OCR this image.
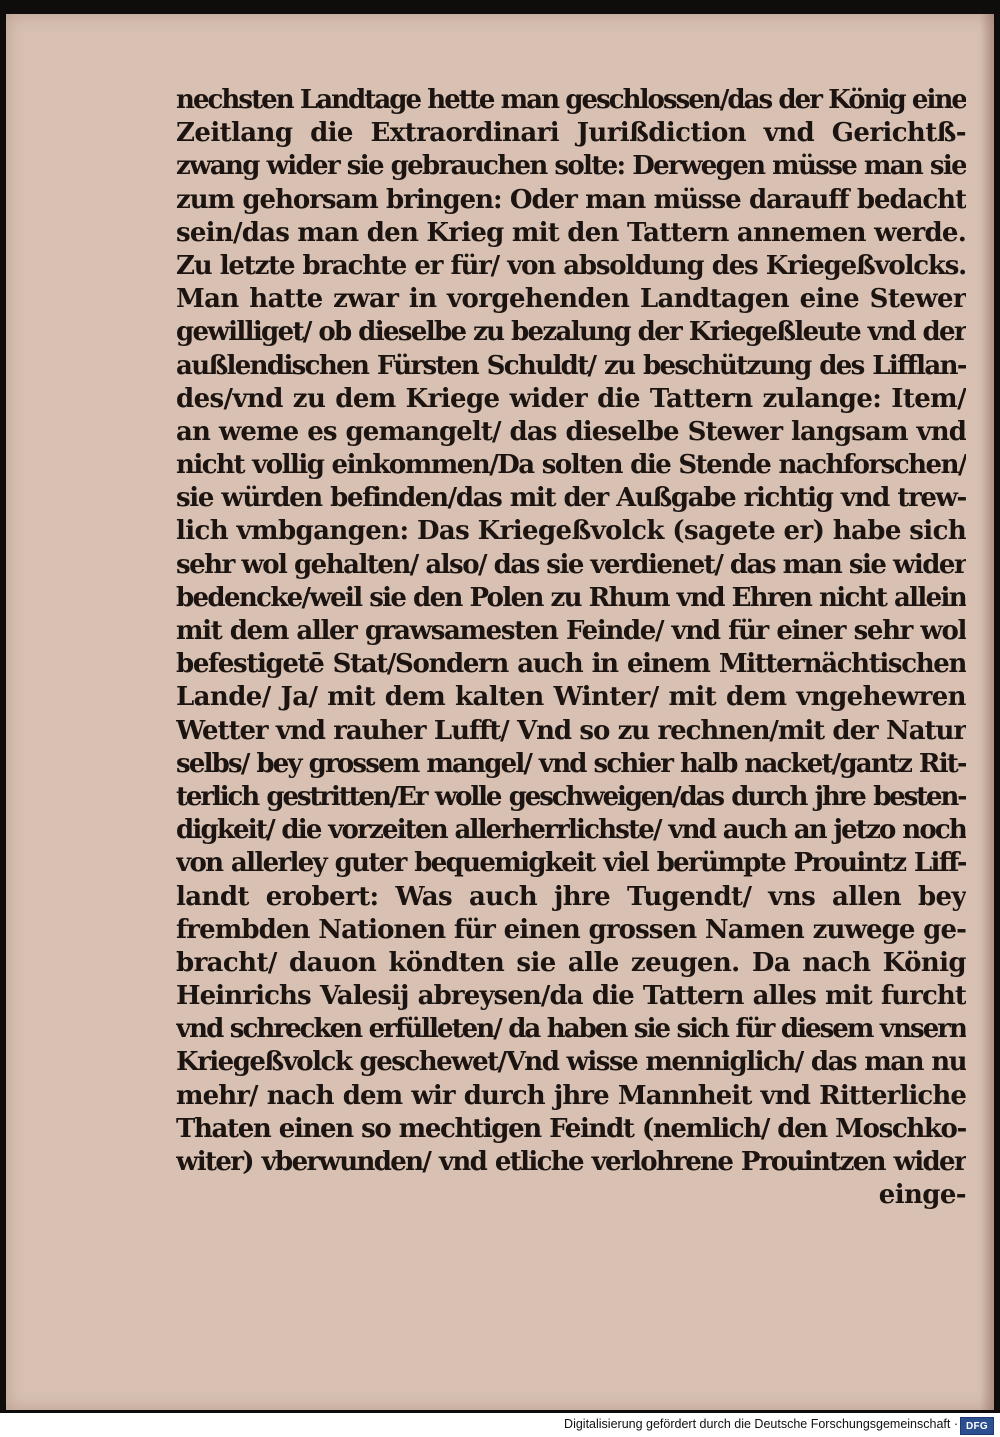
nechsten Landtage hette man geschlossen/das der König eine
Zeitlang die Extraordinari Jurißdiction vnd Gerichtß-
zwang wider sie gebrauchen solte: Derwegen müsse man sie
zum gehorsam bringen: Oder man müsse darauff bedacht
sein/das man den Krieg mit den Tattern annemen werde.
Zu letzte brachte er für/ von absoldung des Kriegeßvolcks.
Man hatte zwar in vorgehenden Landtagen eine Stewer
gewilliget/ ob dieselbe zu bezalung der Kriegeßleute vnd der
außlendischen Fürsten Schuldt/ zu beschützung des Lifflan-
des/vnd zu dem Kriege wider die Tattern zulange: Item/
an weme es gemangelt/ das dieselbe Stewer langsam vnd
nicht vollig einkommen/Da solten die Stende nachforschen/
sie würden befinden/das mit der Außgabe richtig vnd trew-
lich vmbgangen: Das Kriegeßvolck (sagete er) habe sich
sehr wol gehalten/ also/ das sie verdienet/ das man sie wider
bedencke/weil sie den Polen zu Rhum vnd Ehren nicht allein
mit dem aller grawsamesten Feinde/ vnd für einer sehr wol
befestigetē Stat/Sondern auch in einem Mitternächtischen
Lande/ Ja/ mit dem kalten Winter/ mit dem vngehewren
Wetter vnd rauher Lufft/ Vnd so zu rechnen/mit der Natur
selbs/ bey grossem mangel/ vnd schier halb nacket/gantz Rit-
terlich gestritten/Er wolle geschweigen/das durch jhre besten-
digkeit/ die vorzeiten allerherrlichste/ vnd auch an jetzo noch
von allerley guter bequemigkeit viel berümpte Prouintz Liff-
landt erobert: Was auch jhre Tugendt/ vns allen bey
frembden Nationen für einen grossen Namen zuwege ge-
bracht/ dauon köndten sie alle zeugen. Da nach König
Heinrichs Valesij abreysen/da die Tattern alles mit furcht
vnd schrecken erfülleten/ da haben sie sich für diesem vnsern
Kriegeßvolck geschewet/Vnd wisse menniglich/ das man nu
mehr/ nach dem wir durch jhre Mannheit vnd Ritterliche
Thaten einen so mechtigen Feindt (nemlich/ den Moschko-
witer) vberwunden/ vnd etliche verlohrene Prouintzen wider
einge-
Digitalisierung gefördert durch die Deutsche Forschungsgemeinschaft · DFG
